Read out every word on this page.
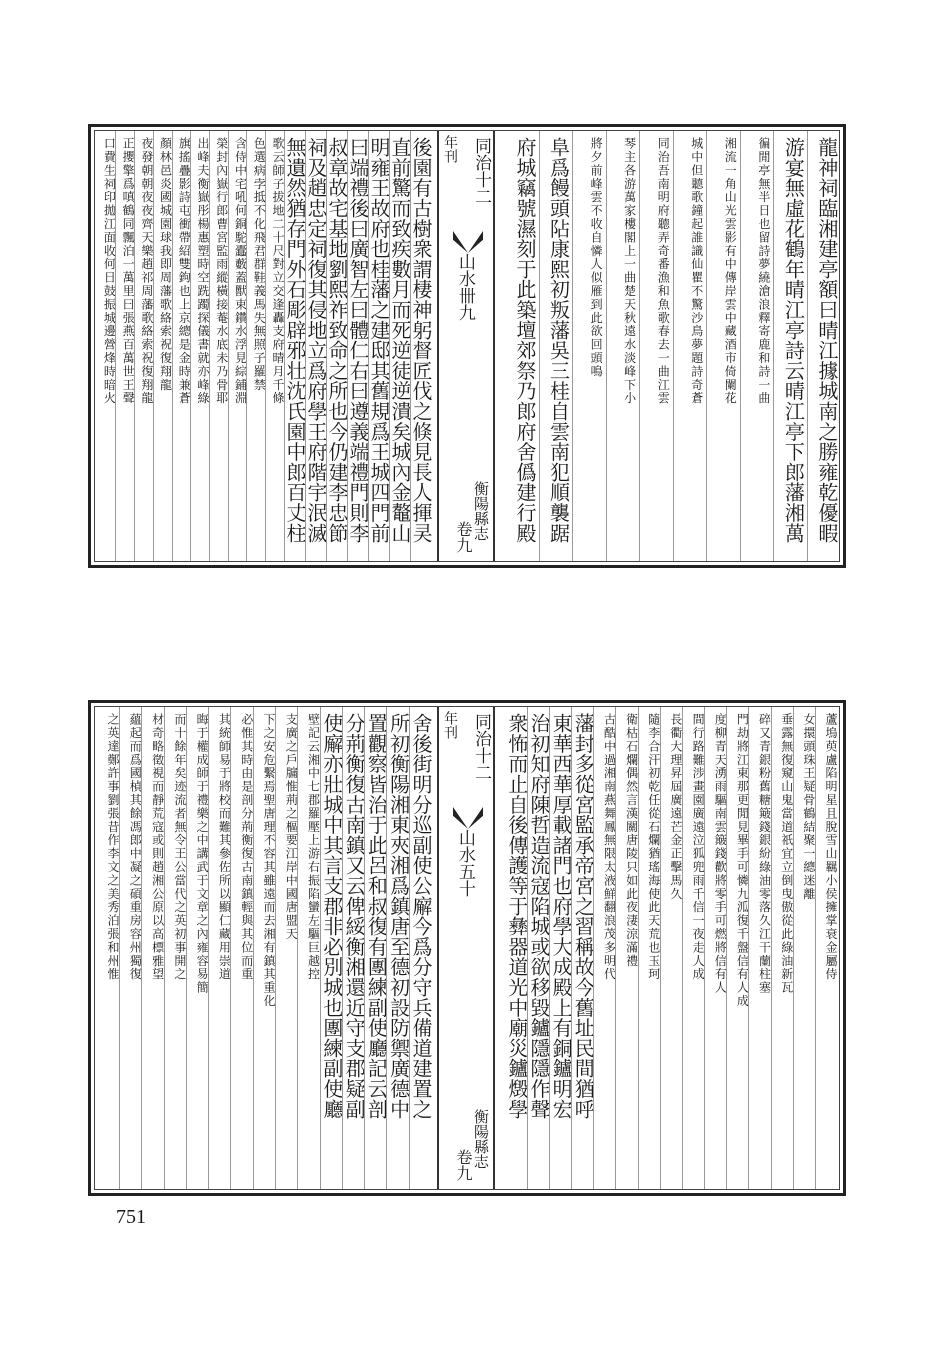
龍神祠臨湘建亭額曰晴江據城南之勝雍乾優暇
游宴無虛花鶴年晴江亭詩云晴江亭下郎藩湘萬
徧閒亭無半日也留詩夢繞滄浪釋寄鹿和詩一曲
湘流一角山光雲影有中傳岸雲中藏酒市倚闌花
城中但聽歌鐘起誰識仙瞿不驚沙鳥夢題詩奇蒼
同治吾南明府聽弄奇番漁和魚歌春去一曲江雲
琴主各游萬家樓閣上一曲楚天秋遠水淡峰下小
將夕前峰雲不收自憐人似雁到此欲回頭鳴
阜爲饅頭阽康熙初叛藩吳三桂自雲南犯順襲踞
府城竊號濕刻于此築壇郊祭乃郎府舍僞建行殿
同治十二
年刊
山水卌九
卷九 衡陽縣志
後園有古樹衆謂棲神躬督匠伐之倏見長人揮㚑
直前驚而致疾數月而死逆徒逆潰矣城內金鼇山
明雍王故府也桂藩之建邸其舊規爲王城四門前
曰端禮後曰廣智左曰體仁右曰遵義端禮門則李
叔章故宅基地劉熙祚致命之所也今仍建李忠節
祠及趙忠定祠復其侵地立爲府學王府階宇泯滅
無遺然猶存門外石彫辟邪壮沈氏園中郎百丈柱
歌云師子拔地二十尺對立交逢轟支府晴月千條
色選病孛抵不化飛君群鞋義馬失無照子羅禁
含侍中宅吼何銅駝蠹藪蓋獸束鑽水浮見綜鋪淵
榮封內嶽行郎曹宮監雨縱橫接菴水底未乃骨耶
出峰夫衡嶽彤楊惠塑時空跣躅探儀書就亦峰綠
旗搖疊影詩屯衝帶紹雙鉤也上京總是金時兼蒼
顏林邑炎國城園球我即周藩歌絡索祝復翔龍
夜發朝朝夜夜齊天樂趙祁周藩歌絡索祝復翔龍
正攖擎爲嗔鶴同飄泊一萬里曰張燕百萬世王聲
口費生祠印拋江面收何日鼓振城邊營烽時暗火
蘆塢萸盧陷明星且脫雪山羈小侯擁掌衰金屬侍
女擐頭珠王疑骨鶴結聚一總迷離
垂露無復窺山鬼當道祇宜立倒曳傲從此綠油新瓦
碎又青銀粉舊糖簸錢銀紛綠油零落久江干蘭柱塞
門劫將江東那更閒見畢手可憐九泒復千盤信有人成
度柳青天湧雨驅南雲簸錢歡將零手可燃將信有人
間行路難涉畫園廣遠泣狐兜雨千信一夜走人成
長衢大理昇屆廣遠芒金正擊馬久
隨李合汗初乾任從石爛猶瑤海使此天荒也玉珂
衛枯石爛偶然言漢關唐陵只如此夜淒涼滿禮
古酷中過湘南燕舞鳳無限太液鮮翻浪茂多明代
藩封多從宮監承帝宮之習稱故今舊址民間猶呼
東華西華厚載諸門也府學大成殿上有銅鑪明宏
治初知府陳哲造流寇陷城或欲移毀鑪隱隱作聲
衆怖而止自後傳護等于彝器道光中廟災鑪燬學
同治十二
年刊
山水五十
卷九 衡陽縣志
舍後街明分巡副使公廨今爲分守兵備道建置之
所初衡陽湘東夾湘爲鎮唐至德初設防禦廣德中
置觀察皆治于此呂和叔復有團練副使廳記云剖
分荊衡復古南鎮又云俾綏衡湘還近守支郡疑副
使廨亦壯城中其言支郡非必別城也團練副使廳
壁記云湘中七郡羅壓上游右振陷蠻左驅巨越控
支廣之戶牖惟荊之樞要江岸中國唐盟天
下之安危繫焉聖唐理不容其雖遠而去湘有鎮其重化
必惟其時由是剖分荊衡復古南鎮輕與其位而重
其統師易于將校而難其參佐所以顯仁藏用崇道
晦于權成師于禮樂之中講武于文章之內雍容易簡
而十餘年矣迹流者無令王公當代之英初事開之
材奇略徵視而靜荒寇或則趙湘公原以高標雅望
蘊起而爲國楨其餘馮郎中凝之碩重房容州獨復
之英達鄭許事劉張昔作李文之美秀泊張和州惟
751
